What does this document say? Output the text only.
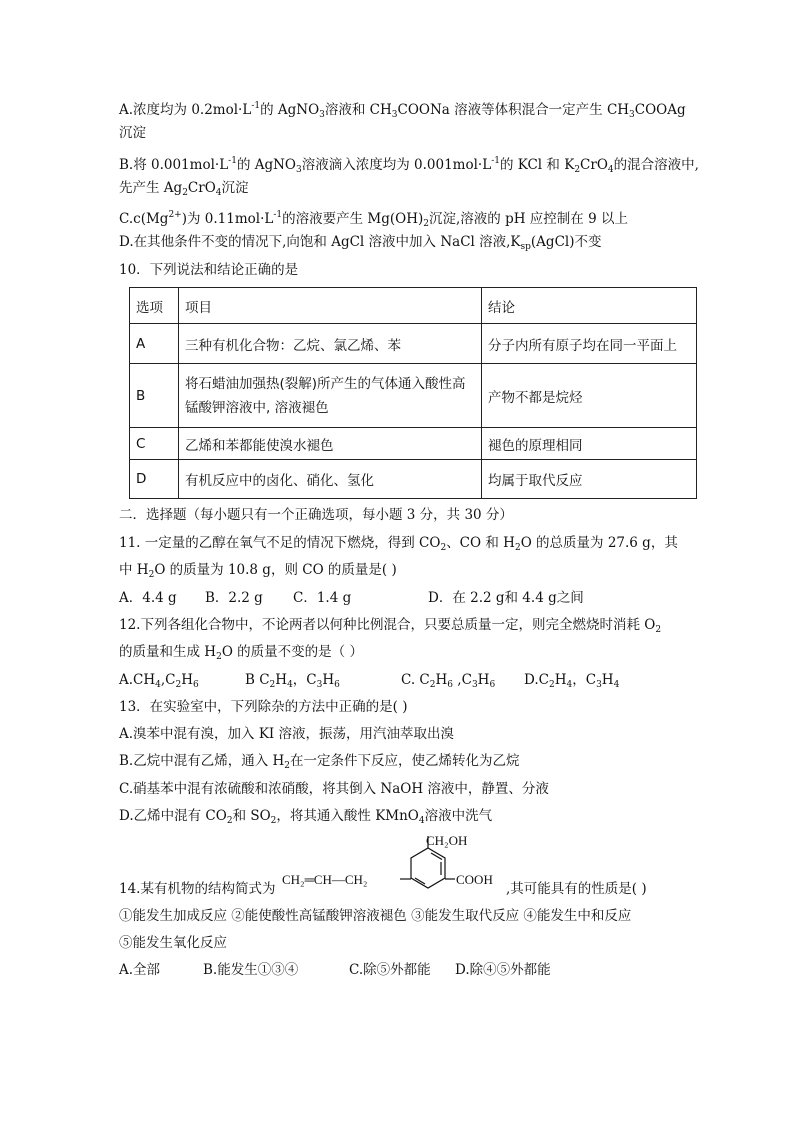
A.浓度均为 $0.2mol\cdot L^{-1}$的 AgNO$_3$溶液和 $CH_3COONa$ 溶液等体积混合一定产生 $CH_3COOAg$
沉淀
B.将 $0.001mol\cdot L^{-1}$的 AgNO$_3$溶液滴入浓度均为 $0.001mol\cdot L^{-1}$的 KCl 和 $K_2CrO_4$的混合溶液中,
先产生 $Ag_2CrO_4$沉淀
$C.c(Mg^{2+})$为 $0.11mol\cdot L^{-1}$的溶液要产生 $Mg(OH)_2$沉淀,溶液的 pH 应控制在 9 以上
D.在其他条件不变的情况下,向饱和 AgCl 溶液中加入 NaCl 溶液$,K_{sp}(AgCl)$不变
10．下列说法和结论正确的是
选项	项目	结论
A	三种有机化合物：乙烷、氯乙烯、苯	分子内所有原子均在同一平面上
B	将石蜡油加强热(裂解)所产生的气体通入酸性高锰酸钾溶液中, 溶液褪色	产物不都是烷烃
C	乙烯和苯都能使溴水褪色	褪色的原理相同
D	有机反应中的卤化、硝化、氢化	均属于取代反应
二．选择题（每小题只有一个正确选项，每小题 3 分，共 30 分）
11. 一定量的乙醇在氧气不足的情况下燃烧，得到 $CO_2$、CO 和 $H_2O$ 的总质量为 27.6 g，其
中 $H_2O$ 的质量为 10.8 g，则 CO 的质量是( )
A．4.4 g B．2.2 g C．1.4 g	D．在 2.2 g和 4.4 g之间
12.下列各组化合物中，不论两者以何种比例混合，只要总质量一定，则完全燃烧时消耗 $O_2$
的质量和生成 $H_2O$ 的质量不变的是（ ）
$A.CH_4,C_2H_6$	B $C_2H_4$，$C_3H_6$	C. $C_2H_6$ $,C_3H_6$ $D.C_2H_4$，$C_3H_4$
13．在实验室中，下列除杂的方法中正确的是( )
A.溴苯中混有溴，加入 KI 溶液，振荡，用汽油萃取出溴
B.乙烷中混有乙烯，通入 $H_2$在一定条件下反应，使乙烯转化为乙烷
C.硝基苯中混有浓硫酸和浓硝酸，将其倒入 NaOH 溶液中，静置、分液
D.乙烯中混有 $CO_2$和 $SO_2$，将其通入酸性 KMnO$_4$溶液中洗气
14.某有机物的结构简式为
CH₂═CH—CH₂
CH₂OH
COOH
,其可能具有的性质是( )
①能发生加成反应 ②能使酸性高锰酸钾溶液褪色 ③能发生取代反应 ④能发生中和反应
⑤能发生氧化反应
A.全部	B.能发生①③④	C.除⑤外都能 D.除④⑤外都能
